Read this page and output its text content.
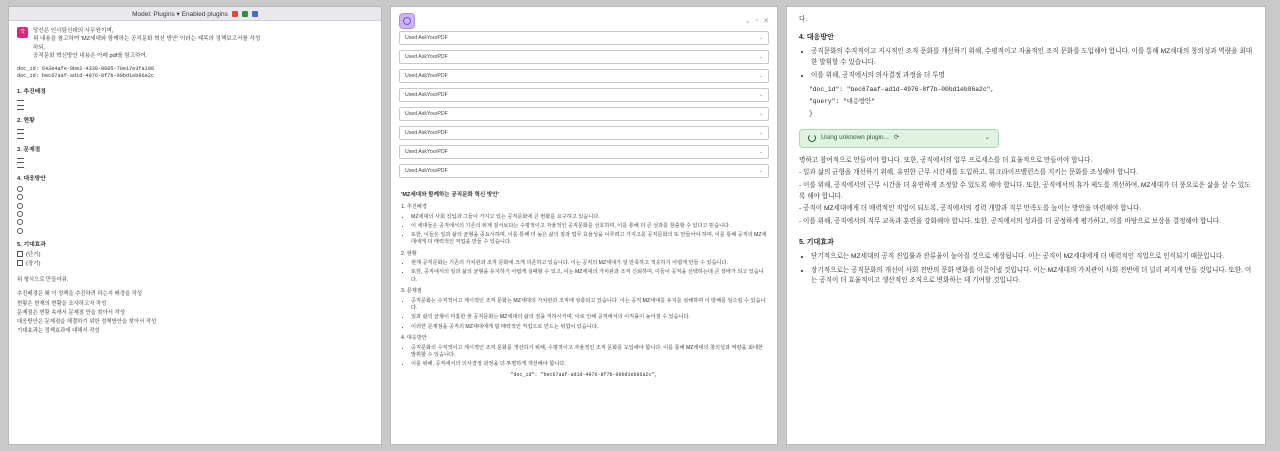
Model: Plugins ▾ Enabled plugins
작 당신은 인사팀신데의 사무원이며,
위 내용을 참고하여 'MZ세대와 함께하는 공직문화 혁신 방안' 이라는 제목의 정책보고서를 작성
하되,
공직문화 혁신방안 내용은 아래 pdf를 참고하여.
doc_id: 643e4afe-0be2-4330-9005-70e17e3fa108
doc_id: bec67aaf-ad1d-4976-8f7b-00bd1eb86a2c
1. 추진배경
2. 현황
3. 문제점
4. 대응방안
5. 기대효과
(단기)
(장기)
위 형식으로 만들어줘.
추진배경은 왜 이 정책을 추진하려 하는지 배경을 작성
현황은 현재의 현황을 조사하고자 작성
문제점은 현황 속에서 문제점 만을 찾아서 작성
대응방안은 문제점을 해결하기 위한 정책방안을 찾아서 작성
기대효과는 정책효과에 대해서 작성
⌄ ▫ ✕
Used AskYourPDF	⌄
Used AskYourPDF	⌄
Used AskYourPDF	⌄
Used AskYourPDF	⌄
Used AskYourPDF	⌄
Used AskYourPDF	⌄
Used AskYourPDF	⌄
Used AskYourPDF	⌄
'MZ세대와 함께하는 공직문화 혁신 방안'
1. 추진배경
• MZ세대의 사회 진입과 그들이 가지고 있는 공직문화에 큰 변화를 요구하고 있습니다.
• 이 세대들은 공직에서의 기존의 위계 질서보다는 수평적이고 자율적인 공직문화를 선호하며, 이를 통해 더 큰 성과를 창출할 수 있다고 믿습니다.
• 또한, 이들은 일과 삶의 균형을 중요시하며, 이를 통해 더 높은 삶의 질과 업무 효율성을 이루려고 가지고를 공직문화의 또 만들어야 하며, 이를 통해 공직의 MZ세대에게 더 매력적인 직업을 만들 수 있습니다.
2. 현황
• 현재 공직문화는 기존의 가치관과 조직 문화에 크게 의존하고 있습니다. 이는 공직의 MZ세대가 일 만족하고 적응하기 어렵게 만들 수 있습니다.
• 또한, 공직에서의 일과 삶의 균형을 유지하기 어렵게 실패할 수 있고, 이는 MZ세대의 가치관과 조직 신뢰하며, 이들이 공직을 선택하는데 큰 장애가 되고 있습니다.
3. 문제점
• 공직문화는 수직적이고 계시적인 조직 문화는 MZ세대의 가치관과 조직에 상충되고 있습니다. 이는 공직 MZ세대를 유지를 심해하며 이 방해를 일으킬 수 있습니다.
• 일과 삶의 균형이 미흡한 현 공직문화는 MZ세대의 삶의 질을 저하시키며, 이로 인해 공직에서의 이직률이 높아질 수 있습니다.
• 이러한 문제점을 공직의 MZ세대에게 덜 매력적인 직업으로 만드는 위험이 있습니다.
4. 대응방안
• 공직문화의 수직적이고 계시적인 조직 문화를 개선하기 위해, 수평적이고 자율적인 조직 문화를 도입해야 합니다. 이를 통해 MZ세대의 창의성과 역량을 최대한 발휘할 수 있습니다.
• 이를 위해, 공직에서의 의사결정 과정을 더 투명하게 개선해야 합니다.
"doc_id": "bec67aaf-ad1d-4976-8f7b-00bd1eb86a2c",

다.

4. 대응방안
• 공직문화의 수직적이고 지시적인 조직 문화를 개선하기 위해, 수평적이고 자율적인 조직 문화를 도입해야 합니다. 이를 통해 MZ세대의 창의성과 역량을 최대한 발휘할 수 있습니다.
• 이를 위해, 공직에서의 의사결정 과정을 더 투명
"doc_id": "bec67aaf-ad1d-4976-8f7b-00bd1eb86a2c",
"query": "대응방안"
}
Using unknown plugin... ⟳	⌄

명하고 참여적으로 만들어야 합니다. 또한, 공직에서의 업무 프로세스를 더 효율적으로 만들어야 합니다.

- 일과 삶의 균형을 개선하기 위해, 유연한 근무 시간제를 도입하고, 워크라이프밸런스를 지키는 문화를 조성해야 합니다.

- 이를 위해, 공직에서의 근무 시간을 더 유연하게 조정할 수 있도록 해야 합니다. 또한, 공직에서의 휴가 제도를 개선하여, MZ세대가 더 풍요로운 삶을 살 수 있도록 해야 합니다.

- 공직이 MZ세대에게 더 매력적인 직업이 되도록, 공직에서의 경력 개발과 직무 만족도를 높이는 방안을 마련해야 합니다.

- 이를 위해, 공직에서의 직무 교육과 훈련을 강화해야 합니다. 또한, 공직에서의 성과를 더 공정하게 평가하고, 이를 바탕으로 보상을 결정해야 합니다.

5. 기대효과
• 단기적으로는 MZ세대의 공직 진입률과 잔류율이 높아질 것으로 예상됩니다. 이는 공직이 MZ세대에게 더 매력적인 직업으로 인식되기 때문입니다.
• 장기적으로는 공직문화의 개선이 사회 전반의 문화 변화를 이끌어낼 것입니다. 이는 MZ세대의 가치관이 사회 전반에 더 널리 퍼지게 만들 것입니다. 또한, 이는 공직이 더 효율적이고 생산적인 조직으로 변화하는 데 기여할 것입니다.
